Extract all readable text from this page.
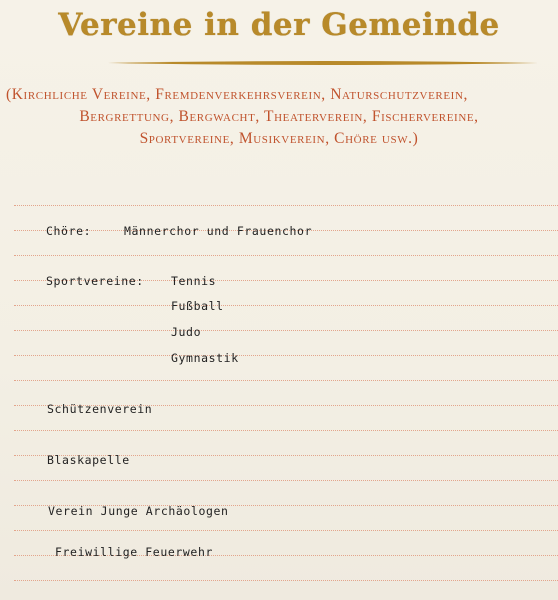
Vereine in der Gemeinde
(Kirchliche Vereine, Fremdenverkehrsverein, Naturschutzverein,
Bergrettung, Bergwacht, Theaterverein, Fischervereine,
Sportvereine, Musikverein, Chöre usw.)
Chöre:	Männerchor und Frauenchor
Sportvereine: Tennis
Fußball
Judo
Gymnastik
Schützenverein
Blaskapelle
Verein Junge Archäologen
Freiwillige Feuerwehr
